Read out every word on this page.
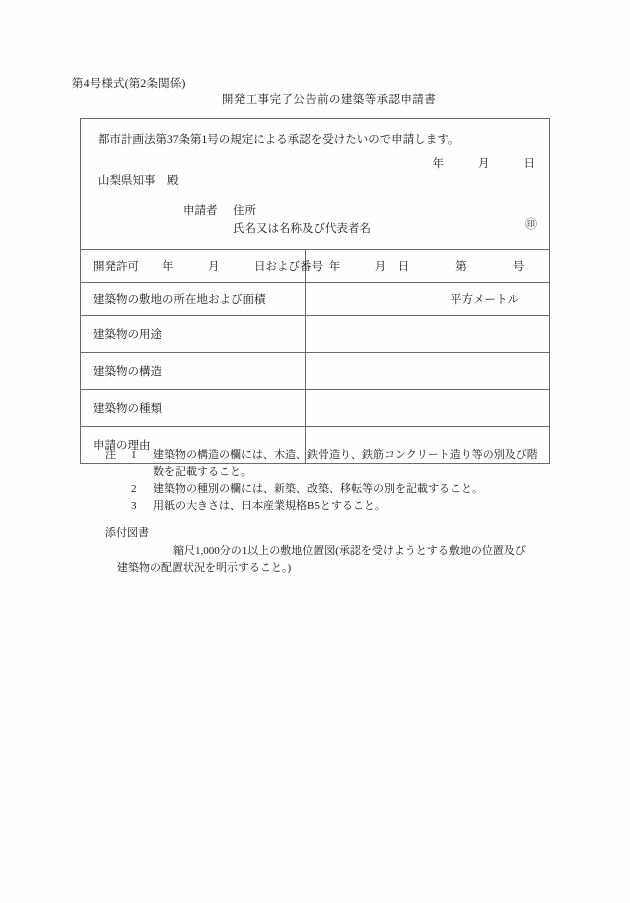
第4号様式(第2条関係)
開発工事完了公告前の建築等承認申請書
都市計画法第37条第1号の規定による承認を受けたいので申請します。
年	月	日
山梨県知事　殿
申請者 住所
氏名又は名称及び代表者名	㊞
開発許可　　年　　　月　　　日および番号 年　　　月　日　　　　第　　　　号
建築物の敷地の所在地および面積	平方メートル
建築物の用途
建築物の構造
建築物の種類
申請の理由
注	1	建築物の構造の欄には、木造、鉄骨造り、鉄筋コンクリート造り等の別及び階
数を記載すること。
2	建築物の種別の欄には、新築、改築、移転等の別を記載すること。
3	用紙の大きさは、日本産業規格B5とすること。
添付図書
縮尺1,000分の1以上の敷地位置図(承認を受けようとする敷地の位置及び建築物の配置状況を明示すること。)
